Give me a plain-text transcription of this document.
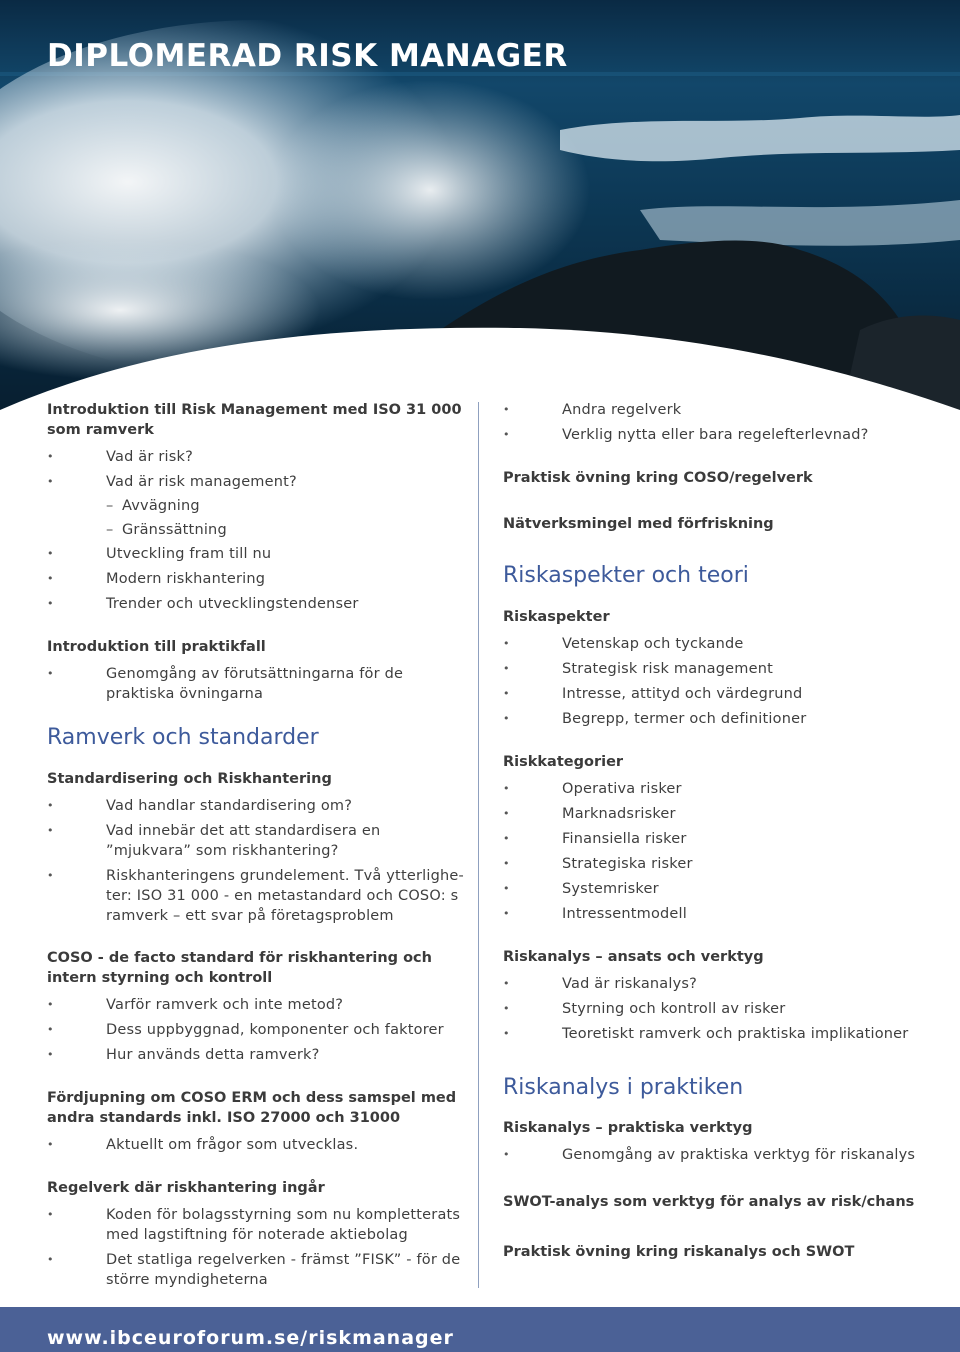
DIPLOMERAD RISK MANAGER

Introduktion till Risk Management med ISO 31 000 som ramverk

• Vad är risk?
• Vad är risk management?
– Avvägning
– Gränssättning
• Utveckling fram till nu
• Modern riskhantering
• Trender och utvecklingstendenser

Introduktion till praktikfall

• Genomgång av förutsättningarna för de praktiska övningarna

Ramverk och standarder

Standardisering och Riskhantering

• Vad handlar standardisering om?
• Vad innebär det att standardisera en ”mjukvara” som riskhantering?
• Riskhanteringens grundelement. Två ytterlighe-ter: ISO 31 000 - en metastandard och COSO: s ramverk – ett svar på företagsproblem

COSO - de facto standard för riskhantering och intern styrning och kontroll

• Varför ramverk och inte metod?
• Dess uppbyggnad, komponenter och faktorer
• Hur används detta ramverk?

Fördjupning om COSO ERM och dess samspel med andra standards inkl. ISO 27000 och 31000

• Aktuellt om frågor som utvecklas.

Regelverk där riskhantering ingår

• Koden för bolagsstyrning som nu kompletterats med lagstiftning för noterade aktiebolag
• Det statliga regelverken - främst ”FISK” - för de större myndigheterna
• Andra regelverk
• Verklig nytta eller bara regelefterlevnad?

Praktisk övning kring COSO/regelverk

Nätverksmingel med förfriskning

Riskaspekter och teori

Riskaspekter

• Vetenskap och tyckande
• Strategisk risk management
• Intresse, attityd och värdegrund
• Begrepp, termer och definitioner

Riskkategorier

• Operativa risker
• Marknadsrisker
• Finansiella risker
• Strategiska risker
• Systemrisker
• Intressentmodell

Riskanalys – ansats och verktyg

• Vad är riskanalys?
• Styrning och kontroll av risker
• Teoretiskt ramverk och praktiska implikationer

Riskanalys i praktiken

Riskanalys – praktiska verktyg

• Genomgång av praktiska verktyg för riskanalys

SWOT-analys som verktyg för analys av risk/chans

Praktisk övning kring riskanalys och SWOT

www.ibceuroforum.se/riskmanager
